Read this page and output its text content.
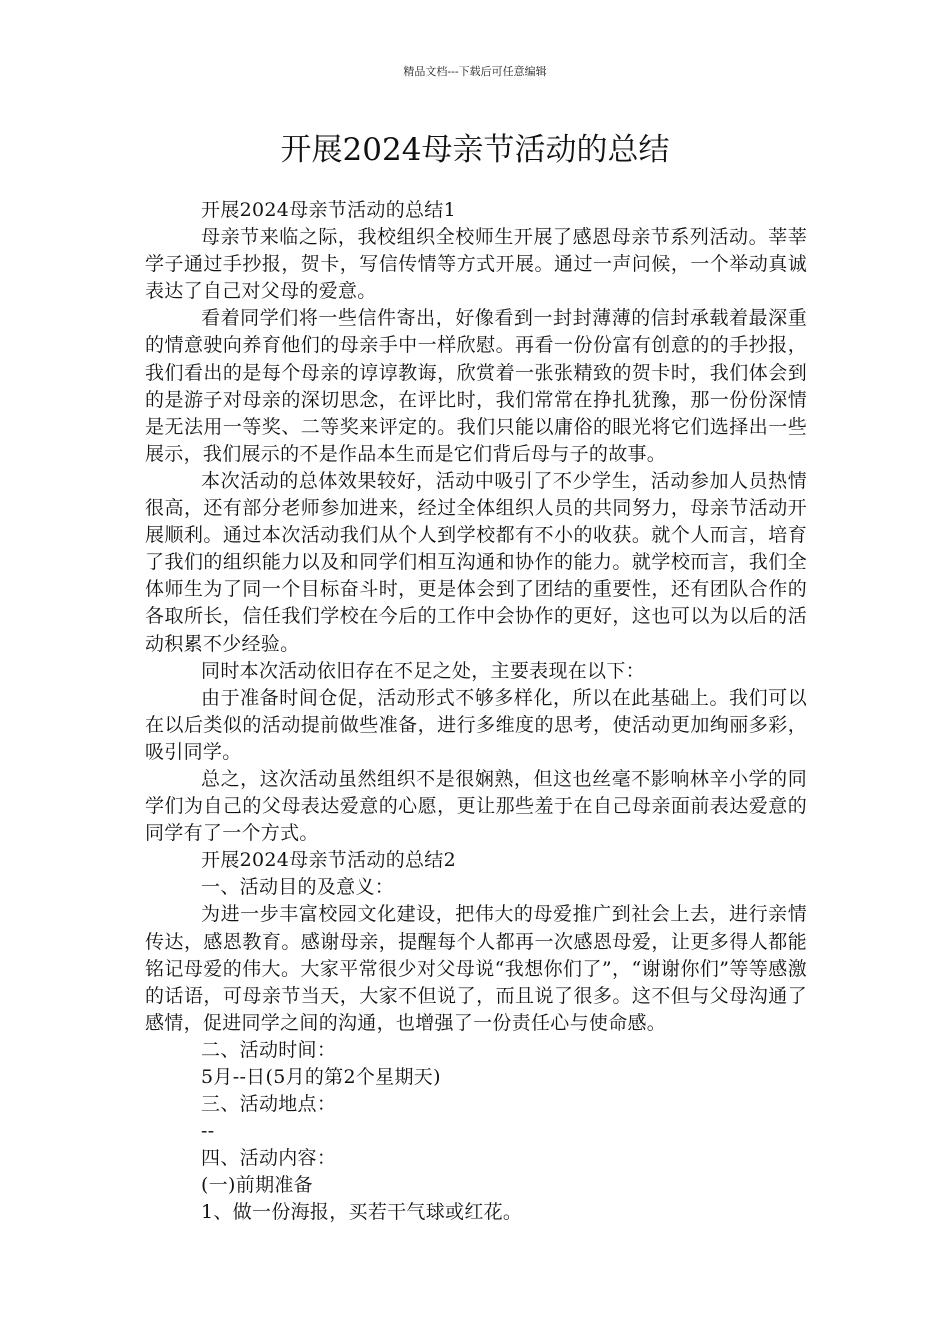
精品文档---下载后可任意编辑
开展2024母亲节活动的总结

开展2024母亲节活动的总结1

母亲节来临之际，我校组织全校师生开展了感恩母亲节系列活动。莘莘学子通过手抄报，贺卡，写信传情等方式开展。通过一声问候，一个举动真诚表达了自己对父母的爱意。

看着同学们将一些信件寄出，好像看到一封封薄薄的信封承载着最深重的情意驶向养育他们的母亲手中一样欣慰。再看一份份富有创意的的手抄报，我们看出的是每个母亲的谆谆教诲，欣赏着一张张精致的贺卡时，我们体会到的是游子对母亲的深切思念，在评比时，我们常常在挣扎犹豫，那一份份深情是无法用一等奖、二等奖来评定的。我们只能以庸俗的眼光将它们选择出一些展示，我们展示的不是作品本生而是它们背后母与子的故事。

本次活动的总体效果较好，活动中吸引了不少学生，活动参加人员热情很高，还有部分老师参加进来，经过全体组织人员的共同努力，母亲节活动开展顺利。通过本次活动我们从个人到学校都有不小的收获。就个人而言，培育了我们的组织能力以及和同学们相互沟通和协作的能力。就学校而言，我们全体师生为了同一个目标奋斗时，更是体会到了团结的重要性，还有团队合作的各取所长，信任我们学校在今后的工作中会协作的更好，这也可以为以后的活动积累不少经验。

同时本次活动依旧存在不足之处，主要表现在以下：

由于准备时间仓促，活动形式不够多样化，所以在此基础上。我们可以在以后类似的活动提前做些准备，进行多维度的思考，使活动更加绚丽多彩，吸引同学。

总之，这次活动虽然组织不是很娴熟，但这也丝毫不影响林辛小学的同学们为自己的父母表达爱意的心愿，更让那些羞于在自己母亲面前表达爱意的同学有了一个方式。

开展2024母亲节活动的总结2

一、活动目的及意义：

为进一步丰富校园文化建设，把伟大的母爱推广到社会上去，进行亲情传达，感恩教育。感谢母亲，提醒每个人都再一次感恩母爱，让更多得人都能铭记母爱的伟大。大家平常很少对父母说“我想你们了”，“谢谢你们”等等感激的话语，可母亲节当天，大家不但说了，而且说了很多。这不但与父母沟通了感情，促进同学之间的沟通，也增强了一份责任心与使命感。

二、活动时间：

5月--日(5月的第2个星期天)

三、活动地点：

--

四、活动内容：

(一)前期准备

1、做一份海报，买若干气球或红花。
